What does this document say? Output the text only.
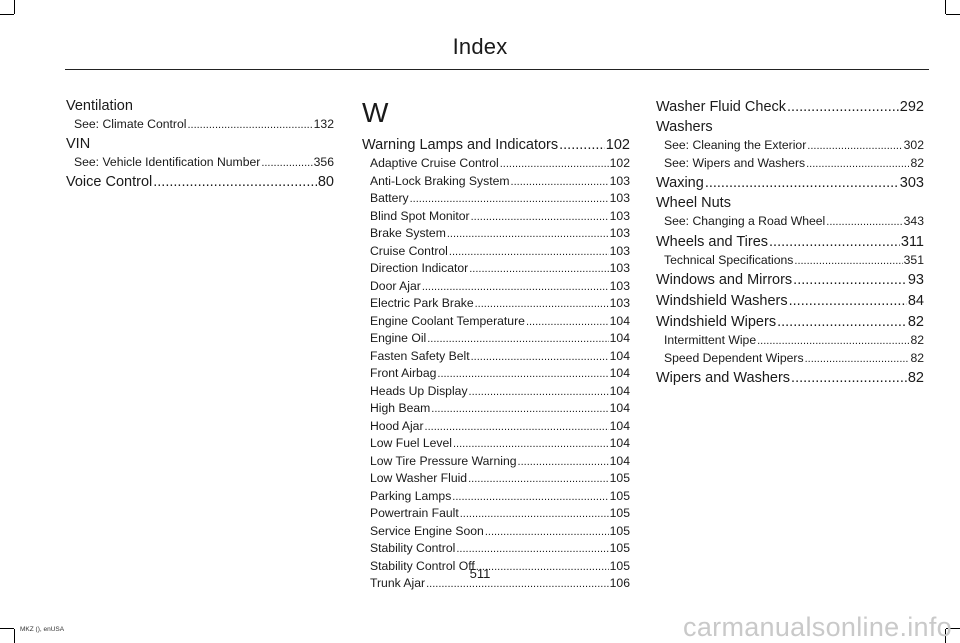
Index
Ventilation
See: Climate Control .....	132
VIN
See: Vehicle Identification Number .....	356
Voice Control .....	80
W
Warning Lamps and Indicators .....	102
Adaptive Cruise Control .....	102
Anti-Lock Braking System .....	103
Battery .....	103
Blind Spot Monitor .....	103
Brake System .....	103
Cruise Control .....	103
Direction Indicator .....	103
Door Ajar .....	103
Electric Park Brake .....	103
Engine Coolant Temperature .....	104
Engine Oil .....	104
Fasten Safety Belt .....	104
Front Airbag .....	104
Heads Up Display .....	104
High Beam .....	104
Hood Ajar .....	104
Low Fuel Level .....	104
Low Tire Pressure Warning .....	104
Low Washer Fluid .....	105
Parking Lamps .....	105
Powertrain Fault .....	105
Service Engine Soon .....	105
Stability Control .....	105
Stability Control Off .....	105
Trunk Ajar .....	106
Washer Fluid Check .....	292
Washers
See: Cleaning the Exterior .....	302
See: Wipers and Washers .....	82
Waxing .....	303
Wheel Nuts
See: Changing a Road Wheel .....	343
Wheels and Tires .....	311
Technical Specifications .....	351
Windows and Mirrors .....	93
Windshield Washers .....	84
Windshield Wipers .....	82
Intermittent Wipe .....	82
Speed Dependent Wipers .....	82
Wipers and Washers .....	82
511
MKZ (), enUSA	carmanualsonline.info
